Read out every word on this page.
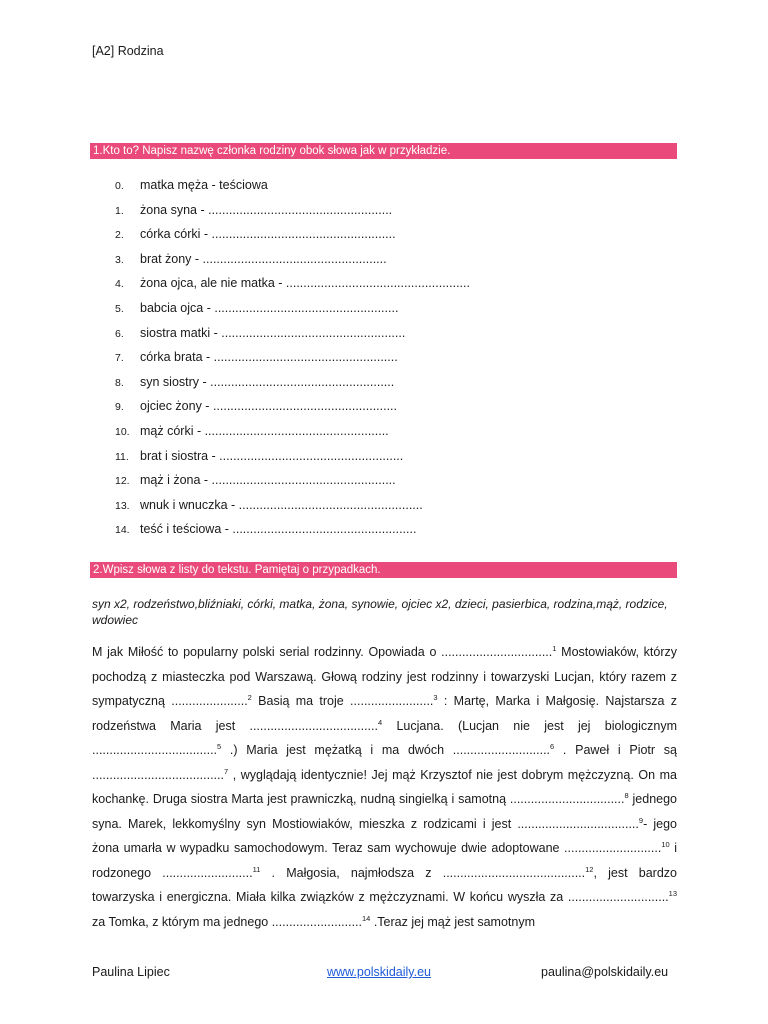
[A2] Rodzina
1.Kto to? Napisz nazwę członka rodziny obok słowa jak w przykładzie.
0. matka męża - teściowa
1. żona syna - .....................................................
2. córka córki - .....................................................
3. brat żony - .....................................................
4. żona ojca, ale nie matka - .....................................................
5. babcia ojca - .....................................................
6. siostra matki - .....................................................
7. córka brata - .....................................................
8. syn siostry - .....................................................
9. ojciec żony - .....................................................
10. mąż córki - .....................................................
11. brat i siostra - .....................................................
12. mąż i żona - .....................................................
13. wnuk i wnuczka - .....................................................
14. teść i teściowa - .....................................................
2.Wpisz słowa z listy do tekstu. Pamiętaj o przypadkach.
syn x2, rodzeństwo,bliźniaki, córki, matka, żona, synowie, ojciec x2, dzieci, pasierbica, rodzina,mąż, rodzice, wdowiec
M jak Miłość to popularny polski serial rodzinny. Opowiada o ................................$^1$ Mostowiaków, którzy pochodzą z miasteczka pod Warszawą. Głową rodziny jest rodzinny i towarzyski Lucjan, który razem z sympatyczną ......................$^2$ Basią ma troje ........................$^3$ : Martę, Marka i Małgosię. Najstarsza z rodzeństwa Maria jest .....................................$^4$ Lucjana. (Lucjan nie jest jej biologicznym ....................................$^5$ .) Maria jest mężatką i ma dwóch ............................$^6$ . Paweł i Piotr są ......................................$^7$ , wyglądają identycznie! Jej mąż Krzysztof nie jest dobrym mężczyzną. On ma kochankę. Druga siostra Marta jest prawniczką, nudną singielką i samotną .................................$^8$ jednego syna. Marek, lekkomyślny syn Mostiowiaków, mieszka z rodzicami i jest ...................................$^9$- jego żona umarła w wypadku samochodowym. Teraz sam wychowuje dwie adoptowane ............................$^{10}$ i rodzonego ..........................$^{11}$ . Małgosia, najmłodsza z .........................................$^{12}$, jest bardzo towarzyska i energiczna. Miała kilka związków z mężczyznami. W końcu wyszła za .............................$^{13}$ za Tomka, z którym ma jednego ..........................$^{14}$ .Teraz jej mąż jest samotnym
Paulina Lipiec	www.polskidaily.eu	paulina@polskidaily.eu
